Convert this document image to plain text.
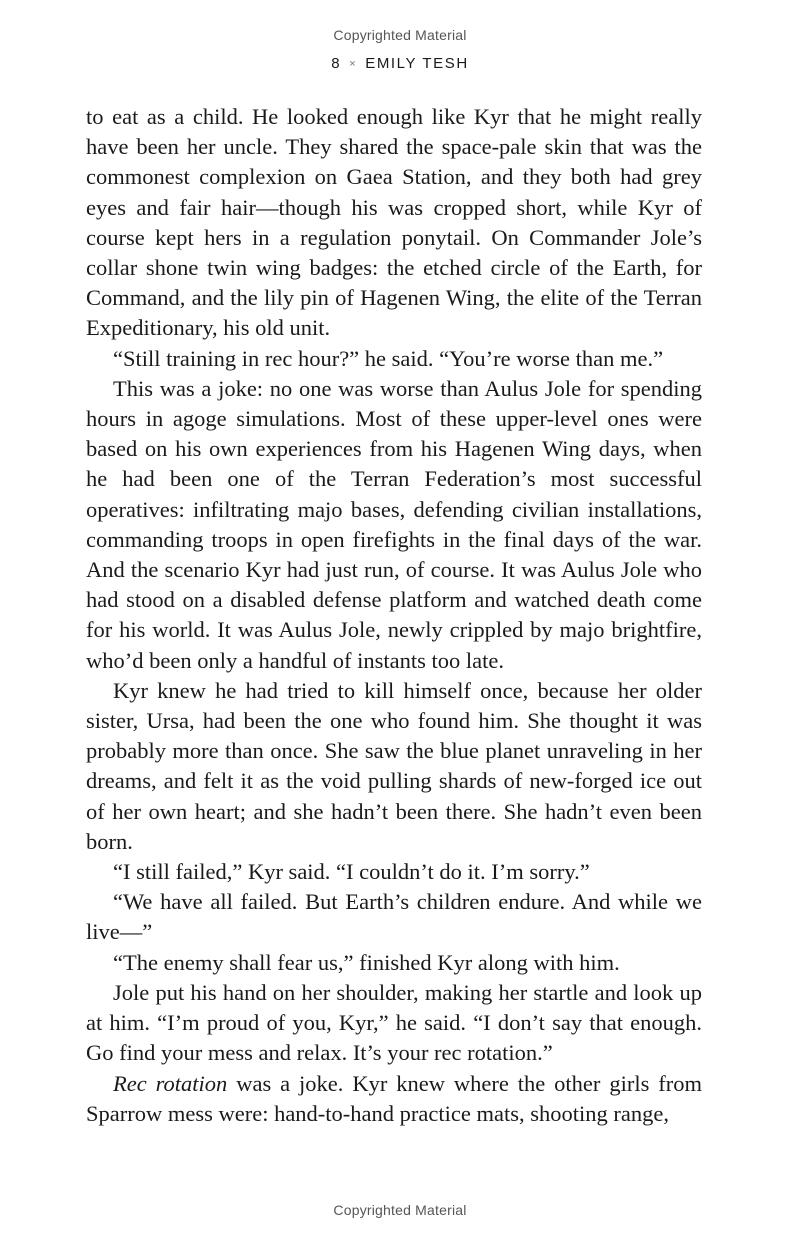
Copyrighted Material
8 × EMILY TESH

to eat as a child. He looked enough like Kyr that he might really have been her uncle. They shared the space-pale skin that was the commonest complexion on Gaea Station, and they both had grey eyes and fair hair—though his was cropped short, while Kyr of course kept hers in a regulation ponytail. On Commander Jole’s collar shone twin wing badges: the etched circle of the Earth, for Command, and the lily pin of Hagenen Wing, the elite of the Terran Expeditionary, his old unit.

“Still training in rec hour?” he said. “You’re worse than me.”

This was a joke: no one was worse than Aulus Jole for spending hours in agoge simulations. Most of these upper-level ones were based on his own experiences from his Hagenen Wing days, when he had been one of the Terran Federation’s most successful operatives: infiltrating majo bases, defending civilian installations, commanding troops in open firefights in the final days of the war. And the scenario Kyr had just run, of course. It was Aulus Jole who had stood on a disabled defense platform and watched death come for his world. It was Aulus Jole, newly crippled by majo brightfire, who’d been only a handful of instants too late.

Kyr knew he had tried to kill himself once, because her older sister, Ursa, had been the one who found him. She thought it was probably more than once. She saw the blue planet unraveling in her dreams, and felt it as the void pulling shards of new-forged ice out of her own heart; and she hadn’t been there. She hadn’t even been born.

“I still failed,” Kyr said. “I couldn’t do it. I’m sorry.”

“We have all failed. But Earth’s children endure. And while we live—”

“The enemy shall fear us,” finished Kyr along with him.

Jole put his hand on her shoulder, making her startle and look up at him. “I’m proud of you, Kyr,” he said. “I don’t say that enough. Go find your mess and relax. It’s your rec rotation.”

Rec rotation was a joke. Kyr knew where the other girls from Sparrow mess were: hand-to-hand practice mats, shooting range,

Copyrighted Material
